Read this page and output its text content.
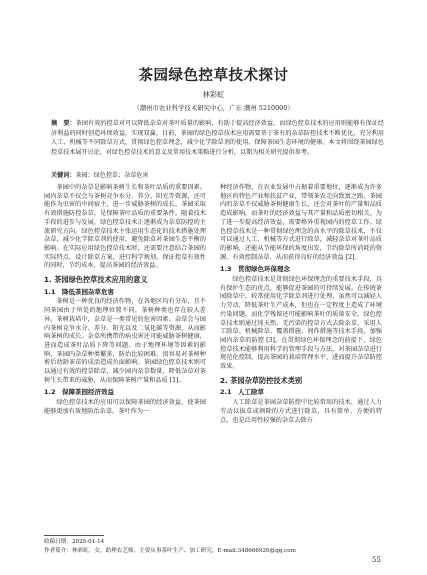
茶园绿色控草技术探讨
林彩虹
（潮州市农业科学技术研究中心，广东 潮州 5210000）
摘　要：茶园有效的控草对可以降低杂草对茶叶质量的影响，有助于提高经济效益。而绿色控草技术的应用则能够有保证经济利益的同时创造环保效益，实现双赢。目前，茶园的绿色控草技术应用需要基于茶有的杂草防控技术不断优化，充分利用人工、机械等不同除草方式，贯彻绿色控草理念，减少化学除草剂的使用，保障茶园生态环境的健康。本文将围绕茶园绿色控草技术展开讨论，对绿色控草技术的意义及常用技术策略进行分析，以期为相关研究提供参考。
关键词：茶园；绿色控草；杂草危害

茶园中的杂草是影响茶树生长和茶叶品质的重要因素。园内杂草不仅会与茶树竞争水分、养分、阳光等资源，还可能作为虫害的中间宿主，进一步威胁茶树的成长。茶园采取有效措施防控杂草，是保障茶叶品质的重要条件。随着技术手段的进步与发展，绿色控草技术正逐渐成为杂草防控的主流研究方向。绿色控草技术主张运用生态化的技术措施处理杂草，减少化学除草剂的使用，避免除草对茶园生态平衡的影响。在实际应用绿色控草技术时，还需要注意结合茶园的实际特点，设计除草方案，进行科学规划，保证控草有效性的同时，节约成本，提高茶园的经济效益。

1. 茶园绿色控草技术应用的意义
1.1　降低茶园杂草危害

茶树是一种优良的经济作物，在各地区均有分布，且不同茶园由于所处的地理位置不同，茶树种类也存在较大差异。茶树栽培中，杂草是一类常见的危害因素。杂草会与园内茶树竞争水分、养分、阳光以及二氧化碳等资源，从而影响茶树的成长。杂草所携带的病虫害还可能威胁茶树健康，进而造成茶叶品质下降等问题。由于地理环境等因素的影响，茶园内杂草种类繁多，防治比较困难。很容易对茶树种剪后幼龄茶苗的成活造成负面影响。茶园绿色控草技术则可以通过有效的控草除草，减少园内杂草数量，降低杂草对茶树生长带来的威胁，从而保障茶树产量和品质 [1]。

1.2　保障茶园经济效益

绿色控草技术的应用可以保障茶园的经济效益，使茶园能够更加有效地防治杂草。茶叶作为一

种经济作物，在农业发展中占据着重要地位，逐渐成为许多地区的特色产业和扶贫产业，带领茶农走向致富之路。茶园内的杂草不仅威胁茶树健康生长，还会对茶叶的产量和品质造成影响，而茶叶的经济效益与其产量和品质密切相关。为了进一步提高经济效益，需要格外重视园内的控草工作。绿色控草技术是一种贯彻绿色理念的高水平的除草技术，不仅可以通过人工、机械等方式进行除草，减轻杂草对茶叶品质的影响，还能从节能环保的角度出发，节约除草所消耗的资源，有效控制杂草，从而获得良好的经济效益 [2]。

1.3　贯彻绿色环保理念

绿色控草技术是贯彻绿色环保理念的重要技术手段，具有保护生态的优点，能够促进茶园的可持续发展。在传统茶园除草中，较常使用化学除草剂进行处理，虽然可以减轻人力劳动，降低茶叶生产成本，但也在一定程度上造成了环境污染问题，而化学残留还可能影响茶叶的质量安全。绿色控草技术则通过纯天然、无污染的控草方式去除杂草，采用人工除草、机械除草、覆盖措施、间作措施等技术手段，加强园内杂草的防控 [3]。在贯彻绿色环保理念的前提下，绿色控草技术能够利用科学的管理手段与方法，对茶园杂草进行规范化控制，提高茶园的栽培管理水平，进而提升杂草防控效果。

2. 茶园杂草防控技术类别
2.1　人工除草

人工除草是茶园杂草防控中比较常用的技术，通过人力劳动以拔草或割除的方式进行除草，具有简单、方便的特点，也是泛用性较强的杂草去除方

收稿日期：2025-01-14
作者简介：林彩虹，女，助理农艺师，主要从事茶叶生产、加工研究，E-mail:348666926@qq.com
55
